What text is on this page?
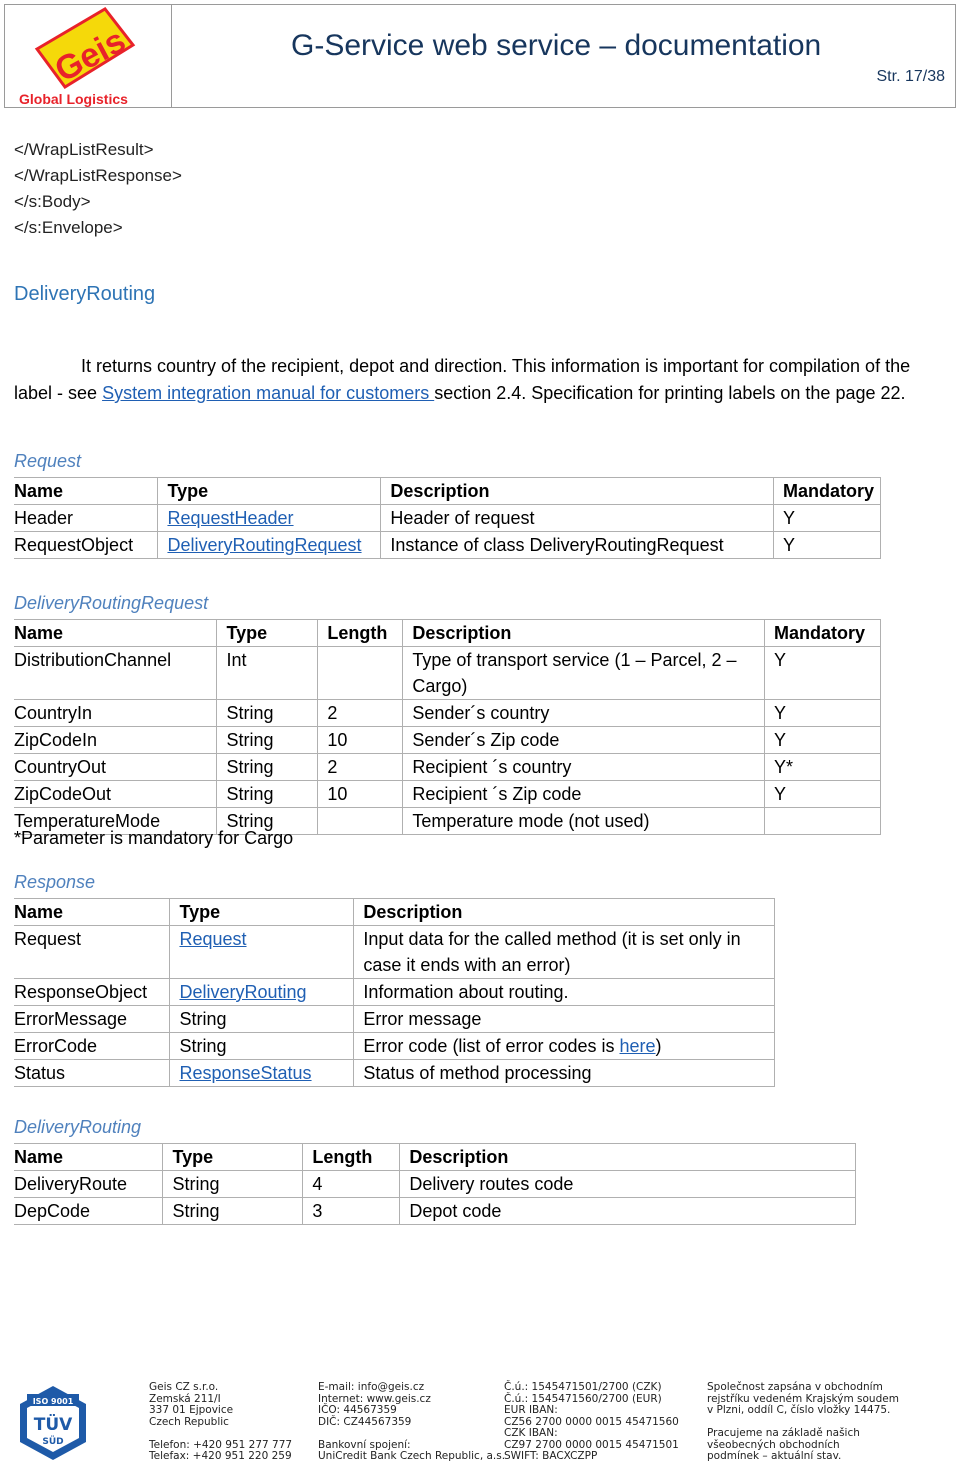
Geis
Global Logistics
G-Service web service – documentation
Str. 17/38
</WrapListResult>
</WrapListResponse>
</s:Body>
</s:Envelope>
DeliveryRouting
It returns country of the recipient, depot and direction. This information is important for compilation of the label - see System integration manual for customers section 2.4. Specification for printing labels on the page 22.
Request
Name	Type	Description	Mandatory
Header	RequestHeader	Header of request	Y
RequestObject	DeliveryRoutingRequest	Instance of class DeliveryRoutingRequest	Y
DeliveryRoutingRequest
Name	Type	Length	Description	Mandatory
DistributionChannel	Int		Type of transport service (1 – Parcel, 2 – Cargo)	Y
CountryIn	String	2	Sender´s country	Y
ZipCodeIn	String	10	Sender´s Zip code	Y
CountryOut	String	2	Recipient ´s country	Y*
ZipCodeOut	String	10	Recipient ´s Zip code	Y
TemperatureMode	String		Temperature mode (not used)	
*Parameter is mandatory for Cargo
Response
Name	Type	Description
Request	Request	Input data for the called method (it is set only in case it ends with an error)
ResponseObject	DeliveryRouting	Information about routing.
ErrorMessage	String	Error message
ErrorCode	String	Error code (list of error codes is here)
Status	ResponseStatus	Status of method processing
DeliveryRouting
Name	Type	Length	Description
DeliveryRoute	String	4	Delivery routes code
DepCode	String	3	Depot code
ISO 9001
TÜV
SÜD
Geis CZ s.r.o.
Zemská 211/I
337 01 Ejpovice
Czech Republic
Telefon: +420 951 277 777
Telefax: +420 951 220 259
E-mail: info@geis.cz
Internet: www.geis.cz
IČO: 44567359
DIČ: CZ44567359
Bankovní spojení:
UniCredit Bank Czech Republic, a.s.
Č.ú.: 1545471501/2700 (CZK)
Č.ú.: 1545471560/2700 (EUR)
EUR IBAN:
CZ56 2700 0000 0015 45471560
CZK IBAN:
CZ97 2700 0000 0015 45471501
SWIFT: BACXCZPP
Společnost zapsána v obchodním
rejstříku vedeném Krajským soudem
v Plzni, oddíl C, číslo vložky 14475.
Pracujeme na základě našich
všeobecných obchodních
podmínek – aktuální stav.
